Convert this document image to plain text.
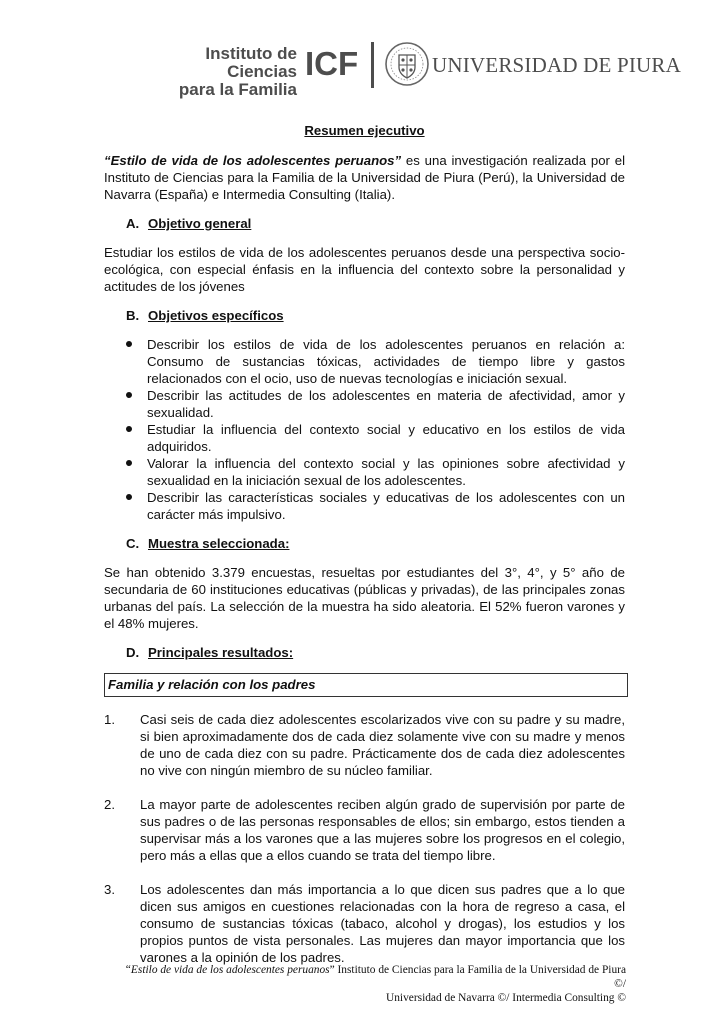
Instituto de Ciencias
para la Familia
ICF	UNIVERSIDAD DE PIURA
Resumen ejecutivo

“Estilo de vida de los adolescentes peruanos” es una investigación realizada por el Instituto de Ciencias para la Familia de la Universidad de Piura (Perú), la Universidad de Navarra (España) e Intermedia Consulting (Italia).

A. Objetivo general

Estudiar los estilos de vida de los adolescentes peruanos desde una perspectiva socio-ecológica, con especial énfasis en la influencia del contexto sobre la personalidad y actitudes de los jóvenes

B. Objetivos específicos
Describir los estilos de vida de los adolescentes peruanos en relación a: Consumo de sustancias tóxicas, actividades de tiempo libre y gastos relacionados con el ocio, uso de nuevas tecnologías e iniciación sexual.
Describir las actitudes de los adolescentes en materia de afectividad, amor y sexualidad.
Estudiar la influencia del contexto social y educativo en los estilos de vida adquiridos.
Valorar la influencia del contexto social y las opiniones sobre afectividad y sexualidad en la iniciación sexual de los adolescentes.
Describir las características sociales y educativas de los adolescentes con un carácter más impulsivo.
C. Muestra seleccionada:

Se han obtenido 3.379 encuestas, resueltas por estudiantes del 3°, 4°, y 5° año de secundaria de 60 instituciones educativas (públicas y privadas), de las principales zonas urbanas del país. La selección de la muestra ha sido aleatoria. El 52% fueron varones y el 48% mujeres.

D. Principales resultados:
Familia y relación con los padres
1. Casi seis de cada diez adolescentes escolarizados vive con su padre y su madre, si bien aproximadamente dos de cada diez solamente vive con su madre y menos de uno de cada diez con su padre. Prácticamente dos de cada diez adolescentes no vive con ningún miembro de su núcleo familiar.
2. La mayor parte de adolescentes reciben algún grado de supervisión por parte de sus padres o de las personas responsables de ellos; sin embargo, estos tienden a supervisar más a los varones que a las mujeres sobre los progresos en el colegio, pero más a ellas que a ellos cuando se trata del tiempo libre.
3. Los adolescentes dan más importancia a lo que dicen sus padres que a lo que dicen sus amigos en cuestiones relacionadas con la hora de regreso a casa, el consumo de sustancias tóxicas (tabaco, alcohol y drogas), los estudios y los propios puntos de vista personales. Las mujeres dan mayor importancia que los varones a la opinión de los padres.
“Estilo de vida de los adolescentes peruanos” Instituto de Ciencias para la Familia de la Universidad de Piura ©/
Universidad de Navarra ©/ Intermedia Consulting ©
